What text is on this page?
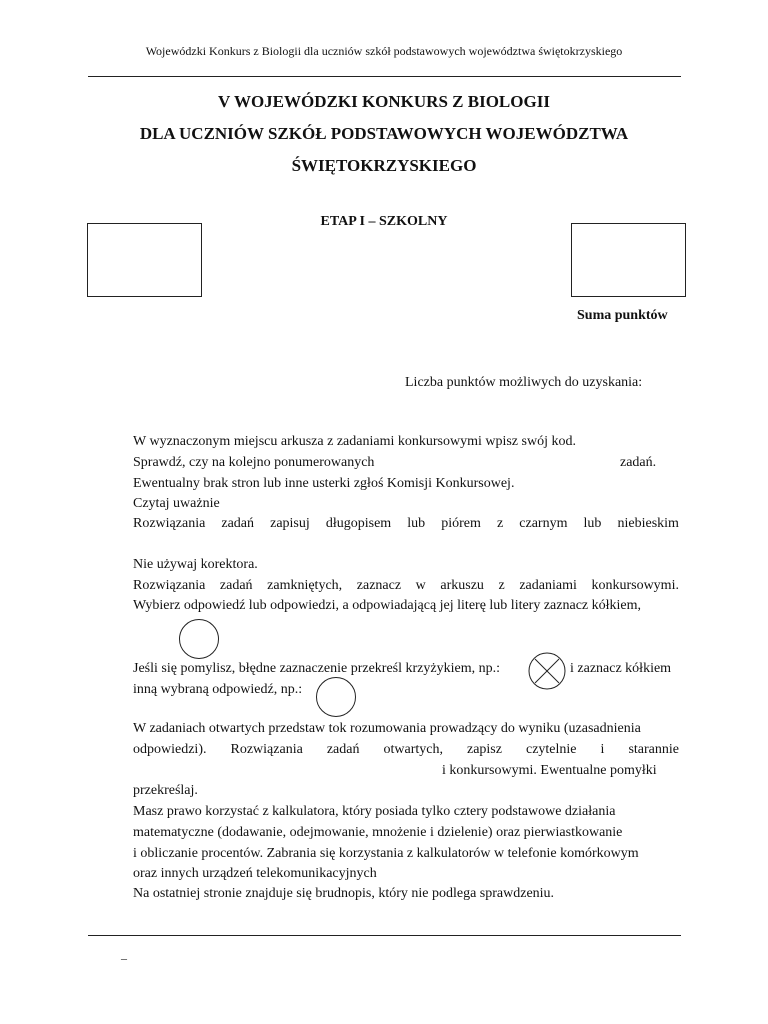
Wojewódzki Konkurs z Biologii dla uczniów szkół podstawowych województwa świętokrzyskiego
V WOJEWÓDZKI KONKURS Z BIOLOGII
DLA UCZNIÓW SZKÓŁ PODSTAWOWYCH WOJEWÓDZTWA
ŚWIĘTOKRZYSKIEGO
ETAP I – SZKOLNY
Suma punktów
Liczba punktów możliwych do uzyskania:
W wyznaczonym miejscu arkusza z zadaniami konkursowymi wpisz swój kod.
Sprawdź, czy na kolejno ponumerowanych	zadań.
Ewentualny brak stron lub inne usterki zgłoś Komisji Konkursowej.
Czytaj uważnie
Rozwiązania zadań zapisuj długopisem lub piórem z czarnym lub niebieskim
Nie używaj korektora.
Rozwiązania zadań zamkniętych, zaznacz w arkuszu z zadaniami konkursowymi.
Wybierz odpowiedź lub odpowiedzi, a odpowiadającą jej literę lub litery zaznacz kółkiem,
Jeśli się pomylisz, błędne zaznaczenie przekreśl krzyżykiem, np.:	i zaznacz kółkiem
inną wybraną odpowiedź, np.:
W zadaniach otwartych przedstaw tok rozumowania prowadzący do wyniku (uzasadnienia
odpowiedzi). Rozwiązania zadań otwartych, zapisz czytelnie i starannie
i konkursowymi. Ewentualne pomyłki
przekreślaj.
Masz prawo korzystać z kalkulatora, który posiada tylko cztery podstawowe działania
matematyczne (dodawanie, odejmowanie, mnożenie i dzielenie) oraz pierwiastkowanie
i obliczanie procentów. Zabrania się korzystania z kalkulatorów w telefonie komórkowym
oraz innych urządzeń telekomunikacyjnych
Na ostatniej stronie znajduje się brudnopis, który nie podlega sprawdzeniu.
–
